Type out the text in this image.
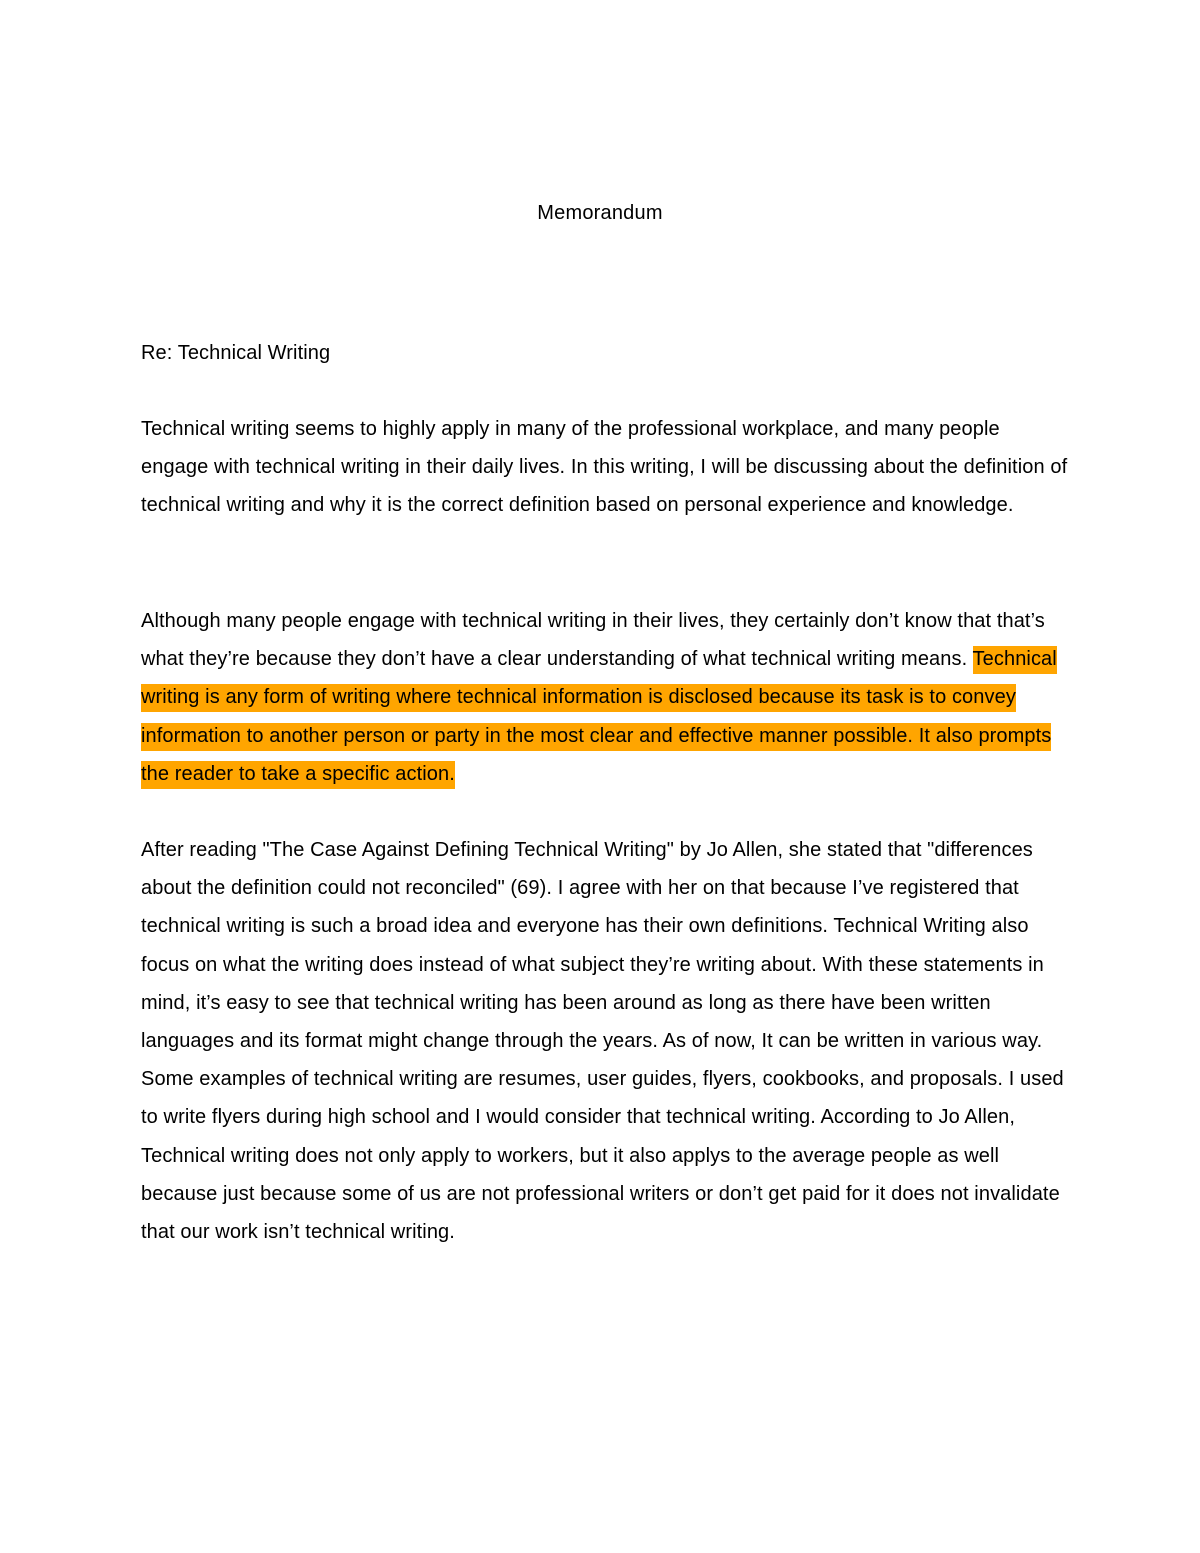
Memorandum
Re: Technical Writing

Technical writing seems to highly apply in many of the professional workplace, and many people engage with technical writing in their daily lives. In this writing, I will be discussing about the definition of technical writing and why it is the correct definition based on personal experience and knowledge.

Although many people engage with technical writing in their lives, they certainly don’t know that that’s what they’re because they don’t have a clear understanding of what technical writing means. Technical writing is any form of writing where technical information is disclosed because its task is to convey information to another person or party in the most clear and effective manner possible. It also prompts the reader to take a specific action.

After reading "The Case Against Defining Technical Writing" by Jo Allen, she stated that "differences about the definition could not reconciled" (69). I agree with her on that because I’ve registered that technical writing is such a broad idea and everyone has their own definitions. Technical Writing also focus on what the writing does instead of what subject they’re writing about. With these statements in mind, it’s easy to see that technical writing has been around as long as there have been written languages and its format might change through the years. As of now, It can be written in various way. Some examples of technical writing are resumes, user guides, flyers, cookbooks, and proposals. I used to write flyers during high school and I would consider that technical writing. According to Jo Allen, Technical writing does not only apply to workers, but it also applys to the average people as well because just because some of us are not professional writers or don’t get paid for it does not invalidate that our work isn’t technical writing.
